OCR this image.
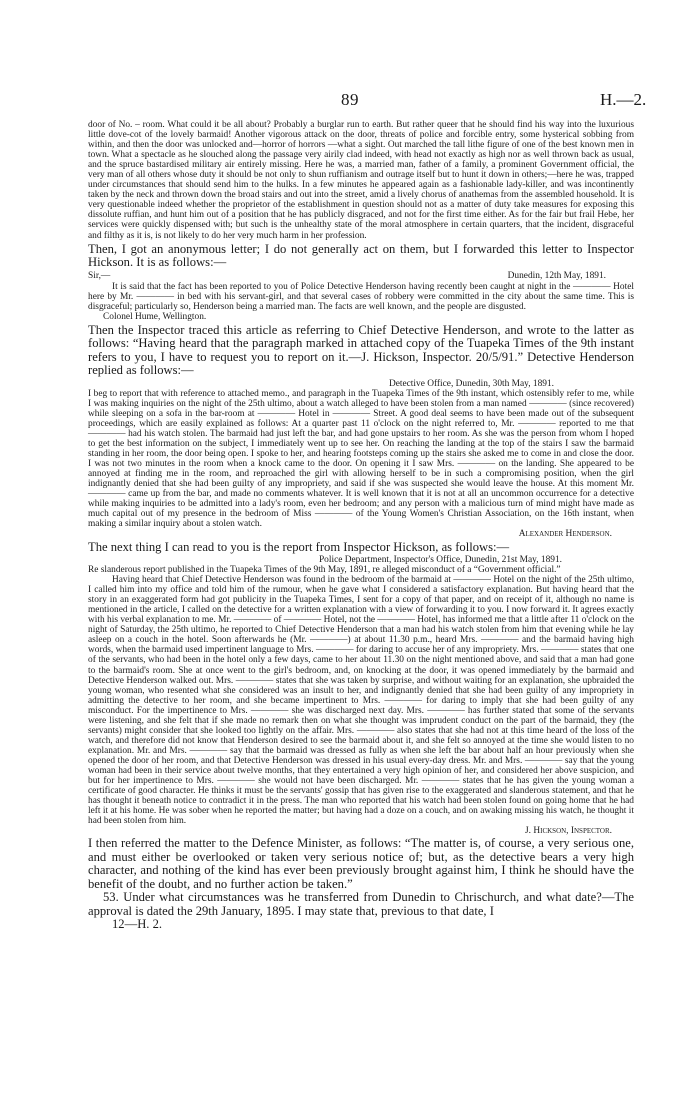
89	H.—2.

door of No. – room. What could it be all about? Probably a burglar run to earth. But rather queer that he should find his way into the luxurious little dove-cot of the lovely barmaid! Another vigorous attack on the door, threats of police and forcible entry, some hysterical sobbing from within, and then the door was unlocked and—horror of horrors —what a sight. Out marched the tall lithe figure of one of the best known men in town. What a spectacle as he slouched along the passage very airily clad indeed, with head not exactly as high nor as well thrown back as usual, and the spruce bastardised military air entirely missing. Here he was, a married man, father of a family, a prominent Government official, the very man of all others whose duty it should be not only to shun ruffianism and outrage itself but to hunt it down in others;—here he was, trapped under circumstances that should send him to the hulks. In a few minutes he appeared again as a fashionable lady-killer, and was incontinently taken by the neck and thrown down the broad stairs and out into the street, amid a lively chorus of anathemas from the assembled household. It is very questionable indeed whether the proprietor of the establishment in question should not as a matter of duty take measures for exposing this dissolute ruffian, and hunt him out of a position that he has publicly disgraced, and not for the first time either. As for the fair but frail Hebe, her services were quickly dispensed with; but such is the unhealthy state of the moral atmosphere in certain quarters, that the incident, disgraceful and filthy as it is, is not likely to do her very much harm in her profession.

Then, I got an anonymous letter; I do not generally act on them, but I forwarded this letter to Inspector Hickson. It is as follows:—

Sir,—	Dunedin, 12th May, 1891.

It is said that the fact has been reported to you of Police Detective Henderson having recently been caught at night in the ———— Hotel here by Mr. ———— in bed with his servant-girl, and that several cases of robbery were committed in the city about the same time. This is disgraceful; particularly so, Henderson being a married man. The facts are well known, and the people are disgusted.

Colonel Hume, Wellington.

Then the Inspector traced this article as referring to Chief Detective Henderson, and wrote to the latter as follows: “Having heard that the paragraph marked in attached copy of the Tuapeka Times of the 9th instant refers to you, I have to request you to report on it.—J. Hickson, Inspector. 20/5/91.” Detective Henderson replied as follows:—

Detective Office, Dunedin, 30th May, 1891.

I beg to report that with reference to attached memo., and paragraph in the Tuapeka Times of the 9th instant, which ostensibly refer to me, while I was making inquiries on the night of the 25th ultimo, about a watch alleged to have been stolen from a man named ———— (since recovered) while sleeping on a sofa in the bar-room at ———— Hotel in ———— Street. A good deal seems to have been made out of the subsequent proceedings, which are easily explained as follows: At a quarter past 11 o'clock on the night referred to, Mr. ———— reported to me that ———— had his watch stolen. The barmaid had just left the bar, and had gone upstairs to her room. As she was the person from whom I hoped to get the best information on the subject, I immediately went up to see her. On reaching the landing at the top of the stairs I saw the barmaid standing in her room, the door being open. I spoke to her, and hearing footsteps coming up the stairs she asked me to come in and close the door. I was not two minutes in the room when a knock came to the door. On opening it I saw Mrs. ———— on the landing. She appeared to be annoyed at finding me in the room, and reproached the girl with allowing herself to be in such a compromising position, when the girl indignantly denied that she had been guilty of any impropriety, and said if she was suspected she would leave the house. At this moment Mr. ———— came up from the bar, and made no comments whatever. It is well known that it is not at all an uncommon occurrence for a detective while making inquiries to be admitted into a lady's room, even her bedroom; and any person with a malicious turn of mind might have made as much capital out of my presence in the bedroom of Miss ———— of the Young Women's Christian Association, on the 16th instant, when making a similar inquiry about a stolen watch.

Alexander Henderson.

The next thing I can read to you is the report from Inspector Hickson, as follows:—

Police Department, Inspector's Office, Dunedin, 21st May, 1891.

Re slanderous report published in the Tuapeka Times of the 9th May, 1891, re alleged misconduct of a “Government official.”

Having heard that Chief Detective Henderson was found in the bedroom of the barmaid at ———— Hotel on the night of the 25th ultimo, I called him into my office and told him of the rumour, when he gave what I considered a satisfactory explanation. But having heard that the story in an exaggerated form had got publicity in the Tuapeka Times, I sent for a copy of that paper, and on receipt of it, although no name is mentioned in the article, I called on the detective for a written explanation with a view of forwarding it to you. I now forward it. It agrees exactly with his verbal explanation to me. Mr. ———— of ———— Hotel, not the ———— Hotel, has informed me that a little after 11 o'clock on the night of Saturday, the 25th ultimo, he reported to Chief Detective Henderson that a man had his watch stolen from him that evening while he lay asleep on a couch in the hotel. Soon afterwards he (Mr. ————) at about 11.30 p.m., heard Mrs. ———— and the barmaid having high words, when the barmaid used impertinent language to Mrs. ———— for daring to accuse her of any impropriety. Mrs. ———— states that one of the servants, who had been in the hotel only a few days, came to her about 11.30 on the night mentioned above, and said that a man had gone to the barmaid's room. She at once went to the girl's bedroom, and, on knocking at the door, it was opened immediately by the barmaid and Detective Henderson walked out. Mrs. ———— states that she was taken by surprise, and without waiting for an explanation, she upbraided the young woman, who resented what she considered was an insult to her, and indignantly denied that she had been guilty of any impropriety in admitting the detective to her room, and she became impertinent to Mrs. ———— for daring to imply that she had been guilty of any misconduct. For the impertinence to Mrs. ———— she was discharged next day. Mrs. ———— has further stated that some of the servants were listening, and she felt that if she made no remark then on what she thought was imprudent conduct on the part of the barmaid, they (the servants) might consider that she looked too lightly on the affair. Mrs. ———— also states that she had not at this time heard of the loss of the watch, and therefore did not know that Henderson desired to see the barmaid about it, and she felt so annoyed at the time she would listen to no explanation. Mr. and Mrs. ———— say that the barmaid was dressed as fully as when she left the bar about half an hour previously when she opened the door of her room, and that Detective Henderson was dressed in his usual every-day dress. Mr. and Mrs. ———— say that the young woman had been in their service about twelve months, that they entertained a very high opinion of her, and considered her above suspicion, and but for her impertinence to Mrs. ———— she would not have been discharged. Mr. ———— states that he has given the young woman a certificate of good character. He thinks it must be the servants' gossip that has given rise to the exaggerated and slanderous statement, and that he has thought it beneath notice to contradict it in the press. The man who reported that his watch had been stolen found on going home that he had left it at his home. He was sober when he reported the matter; but having had a doze on a couch, and on awaking missing his watch, he thought it had been stolen from him.

J. Hickson, Inspector.

I then referred the matter to the Defence Minister, as follows: “The matter is, of course, a very serious one, and must either be overlooked or taken very serious notice of; but, as the detective bears a very high character, and nothing of the kind has ever been previously brought against him, I think he should have the benefit of the doubt, and no further action be taken.”

53. Under what circumstances was he transferred from Dunedin to Chrischurch, and what date?—The approval is dated the 29th January, 1895. I may state that, previous to that date, I

12—H. 2.
